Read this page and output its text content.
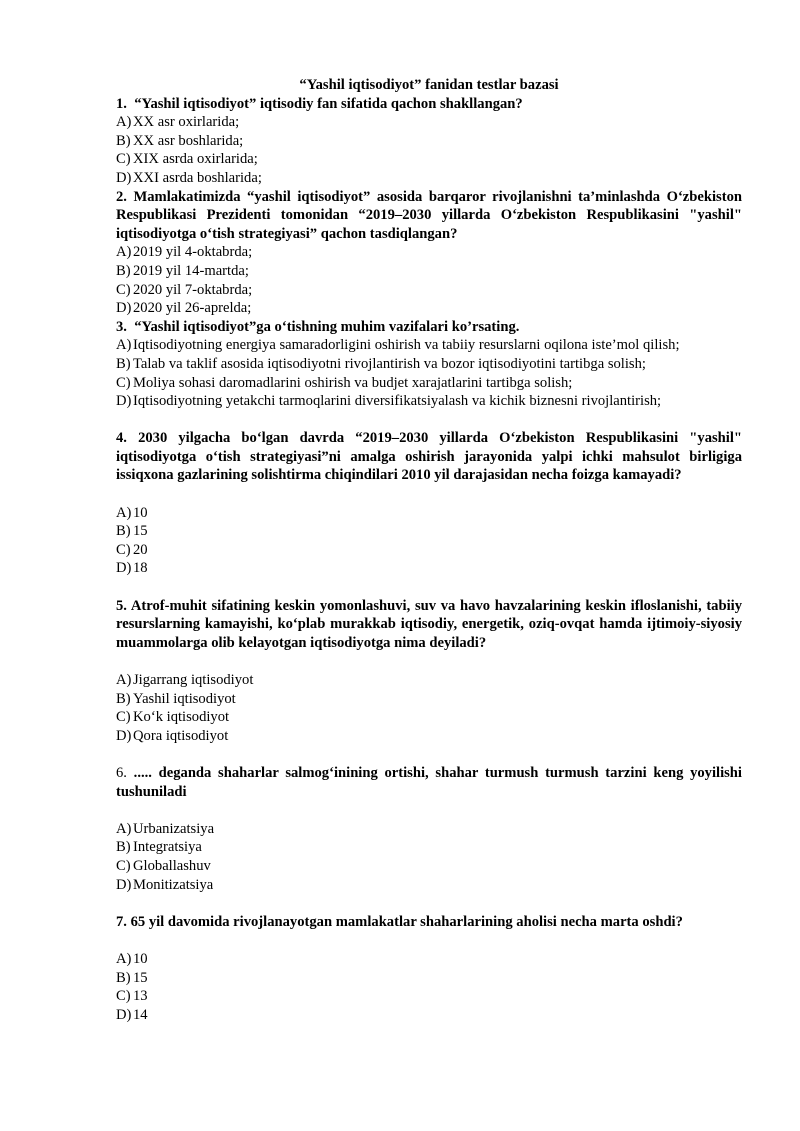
“Yashil iqtisodiyot” fanidan testlar bazasi
1.  “Yashil iqtisodiyot” iqtisodiy fan sifatida qachon shakllangan?
A) XX asr oxirlarida;
B) XX asr boshlarida;
C) XIX asrda oxirlarida;
D) XXI asrda boshlarida;
2. Mamlakatimizda “yashil iqtisodiyot” asosida barqaror rivojlanishni ta’minlashda O‘zbekiston Respublikasi Prezidenti tomonidan “2019–2030 yillarda O‘zbekiston Respublikasini "yashil" iqtisodiyotga o‘tish strategiyasi” qachon tasdiqlangan?
A) 2019 yil 4-oktabrda;
B) 2019 yil 14-martda;
C) 2020 yil 7-oktabrda;
D) 2020 yil 26-aprelda;
3.  “Yashil iqtisodiyot”ga o‘tishning muhim vazifalari ko’rsating.
A) Iqtisodiyotning energiya samaradorligini oshirish va tabiiy resurslarni oqilona iste’mol qilish;
B) Talab va taklif asosida iqtisodiyotni rivojlantirish va bozor iqtisodiyotini tartibga solish;
C) Moliya sohasi daromadlarini oshirish va budjet xarajatlarini tartibga solish;
D) Iqtisodiyotning yetakchi tarmoqlarini diversifikatsiyalash va kichik biznesni rivojlantirish;
4. 2030 yilgacha bo‘lgan davrda “2019–2030 yillarda O‘zbekiston Respublikasini "yashil" iqtisodiyotga o‘tish strategiyasi”ni amalga oshirish jarayonida yalpi ichki mahsulot birligiga issiqxona gazlarining solishtirma chiqindilari 2010 yil darajasidan necha foizga kamayadi?
A) 10
B) 15
C) 20
D) 18
5. Atrof-muhit sifatining keskin yomonlashuvi, suv va havo havzalarining keskin ifloslanishi, tabiiy resurslarning kamayishi, ko‘plab murakkab iqtisodiy, energetik, oziq-ovqat hamda ijtimoiy-siyosiy muammolarga olib kelayotgan iqtisodiyotga nima deyiladi?
A) Jigarrang iqtisodiyot
B) Yashil iqtisodiyot
C) Ko‘k iqtisodiyot
D) Qora iqtisodiyot
6. ..... deganda shaharlar salmog‘inining ortishi, shahar turmush turmush tarzini keng yoyilishi tushuniladi
A) Urbanizatsiya
B) Integratsiya
C) Globallashuv
D) Monitizatsiya
7. 65 yil davomida rivojlanayotgan mamlakatlar shaharlarining aholisi necha marta oshdi?
A) 10
B) 15
C) 13
D) 14
